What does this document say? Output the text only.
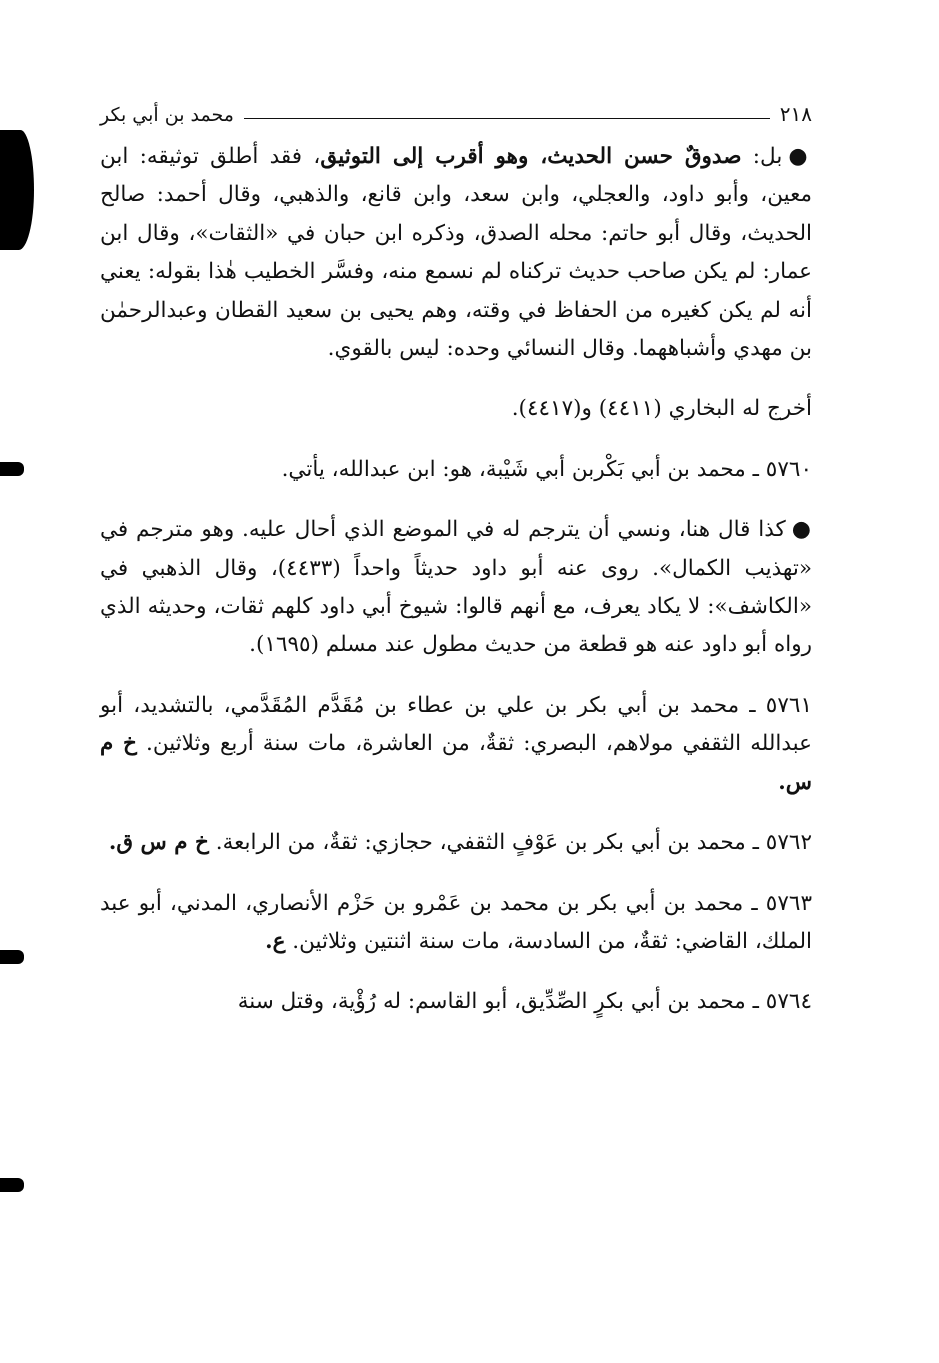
٢١٨
محمد بن أبي بكر

●بل: صدوقٌ حسن الحديث، وهو أقرب إلى التوثيق، فقد أطلق توثيقه: ابن معين، وأبو داود، والعجلي، وابن سعد، وابن قانع، والذهبي، وقال أحمد: صالح الحديث، وقال أبو حاتم: محله الصدق، وذكره ابن حبان في «الثقات»، وقال ابن عمار: لم يكن صاحب حديث تركناه لم نسمع منه، وفسَّر الخطيب هٰذا بقوله: يعني أنه لم يكن كغيره من الحفاظ في وقته، وهم يحيى بن سعيد القطان وعبدالرحمٰن بن مهدي وأشباههما. وقال النسائي وحده: ليس بالقوي.

أخرج له البخاري (٤٤١١) و(٤٤١٧).

٥٧٦٠ ـ محمد بن أبي بَكْربن أبي شَيْبة، هو: ابن عبدالله، يأتي.

●كذا قال هنا، ونسي أن يترجم له في الموضع الذي أحال عليه. وهو مترجم في «تهذيب الكمال». روى عنه أبو داود حديثاً واحداً (٤٤٣٣)، وقال الذهبي في «الكاشف»: لا يكاد يعرف، مع أنهم قالوا: شيوخ أبي داود كلهم ثقات، وحديثه الذي رواه أبو داود عنه هو قطعة من حديث مطول عند مسلم (١٦٩٥).

٥٧٦١ ـ محمد بن أبي بكر بن علي بن عطاء بن مُقَدَّم المُقَدَّمي، بالتشديد، أبو عبدالله الثقفي مولاهم، البصري: ثقةٌ، من العاشرة، مات سنة أربع وثلاثين. خ م س.

٥٧٦٢ ـ محمد بن أبي بكر بن عَوْفٍ الثقفي، حجازي: ثقةٌ، من الرابعة. خ م س ق.

٥٧٦٣ ـ محمد بن أبي بكر بن محمد بن عَمْرو بن حَزْم الأنصاري، المدني، أبو عبد الملك، القاضي: ثقةٌ، من السادسة، مات سنة اثنتين وثلاثين. ع.

٥٧٦٤ ـ محمد بن أبي بكرٍ الصِّدِّيق، أبو القاسم: له رُؤْية، وقتل سنة
